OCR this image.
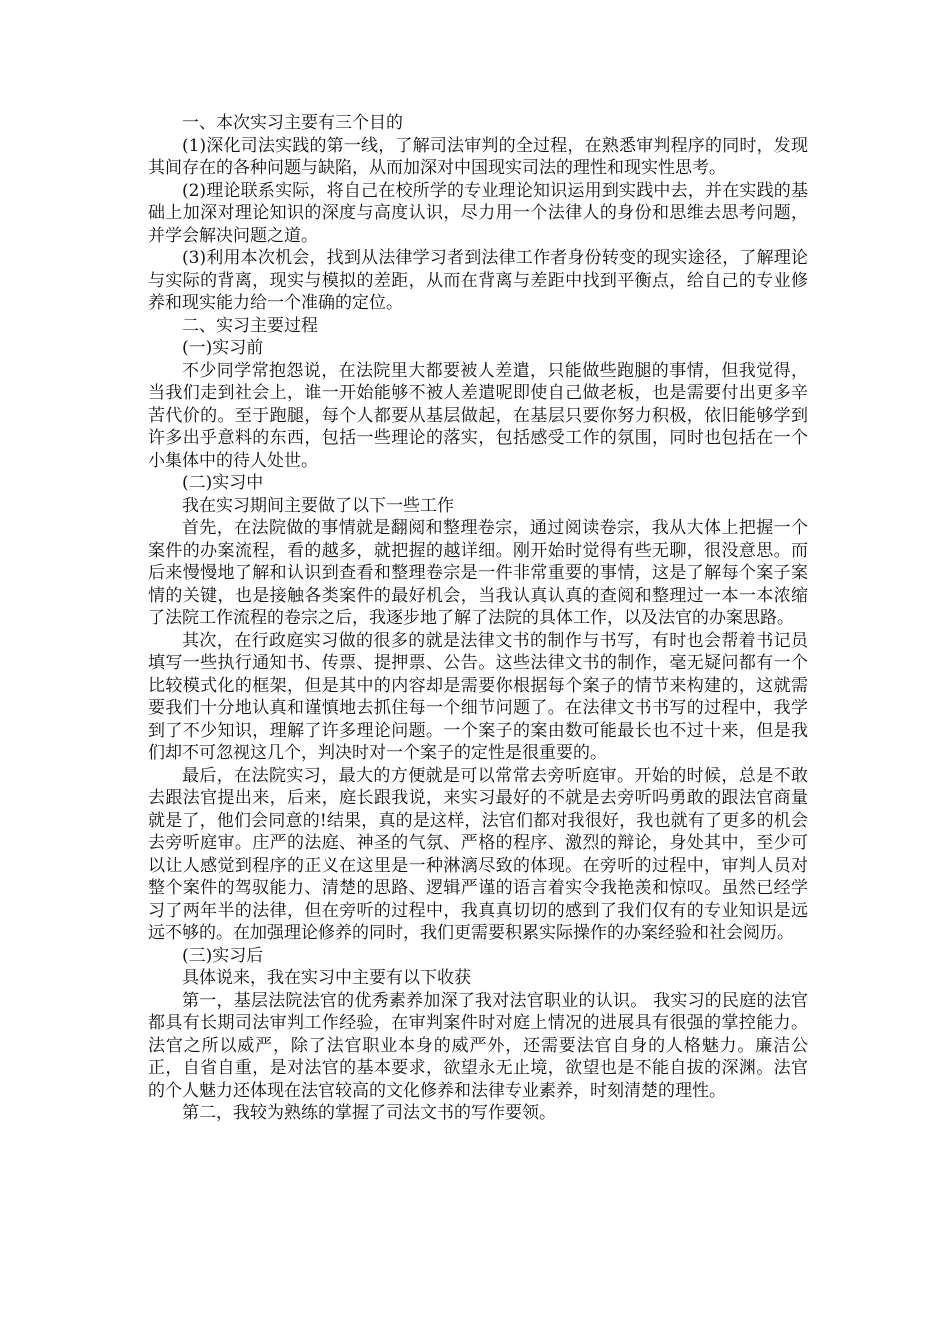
一、本次实习主要有三个目的

(1)深化司法实践的第一线，了解司法审判的全过程，在熟悉审判程序的同时，发现其间存在的各种问题与缺陷，从而加深对中国现实司法的理性和现实性思考。

(2)理论联系实际，将自己在校所学的专业理论知识运用到实践中去，并在实践的基础上加深对理论知识的深度与高度认识，尽力用一个法律人的身份和思维去思考问题，并学会解决问题之道。

(3)利用本次机会，找到从法律学习者到法律工作者身份转变的现实途径，了解理论与实际的背离，现实与模拟的差距，从而在背离与差距中找到平衡点，给自己的专业修养和现实能力给一个准确的定位。

二、实习主要过程

(一)实习前

不少同学常抱怨说，在法院里大都要被人差遣，只能做些跑腿的事情，但我觉得，当我们走到社会上，谁一开始能够不被人差遣呢即使自己做老板，也是需要付出更多辛苦代价的。至于跑腿，每个人都要从基层做起，在基层只要你努力积极，依旧能够学到许多出乎意料的东西，包括一些理论的落实，包括感受工作的氛围，同时也包括在一个小集体中的待人处世。

(二)实习中

我在实习期间主要做了以下一些工作

首先，在法院做的事情就是翻阅和整理卷宗，通过阅读卷宗，我从大体上把握一个案件的办案流程，看的越多，就把握的越详细。刚开始时觉得有些无聊，很没意思。而后来慢慢地了解和认识到查看和整理卷宗是一件非常重要的事情，这是了解每个案子案情的关键，也是接触各类案件的最好机会，当我认真认真的查阅和整理过一本一本浓缩了法院工作流程的卷宗之后，我逐步地了解了法院的具体工作，以及法官的办案思路。

其次，在行政庭实习做的很多的就是法律文书的制作与书写，有时也会帮着书记员填写一些执行通知书、传票、提押票、公告。这些法律文书的制作，毫无疑问都有一个比较模式化的框架，但是其中的内容却是需要你根据每个案子的情节来构建的，这就需要我们十分地认真和谨慎地去抓住每一个细节问题了。在法律文书书写的过程中，我学到了不少知识，理解了许多理论问题。一个案子的案由数可能最长也不过十来，但是我们却不可忽视这几个，判决时对一个案子的定性是很重要的。

最后，在法院实习，最大的方便就是可以常常去旁听庭审。开始的时候，总是不敢去跟法官提出来，后来，庭长跟我说，来实习最好的不就是去旁听吗勇敢的跟法官商量就是了，他们会同意的!结果，真的是这样，法官们都对我很好，我也就有了更多的机会去旁听庭审。庄严的法庭、神圣的气氛、严格的程序、激烈的辩论，身处其中，至少可以让人感觉到程序的正义在这里是一种淋漓尽致的体现。在旁听的过程中，审判人员对整个案件的驾驭能力、清楚的思路、逻辑严谨的语言着实令我艳羡和惊叹。虽然已经学习了两年半的法律，但在旁听的过程中，我真真切切的感到了我们仅有的专业知识是远远不够的。在加强理论修养的同时，我们更需要积累实际操作的办案经验和社会阅历。

(三)实习后

具体说来，我在实习中主要有以下收获

第一，基层法院法官的优秀素养加深了我对法官职业的认识。 我实习的民庭的法官都具有长期司法审判工作经验，在审判案件时对庭上情况的进展具有很强的掌控能力。法官之所以威严，除了法官职业本身的威严外，还需要法官自身的人格魅力。廉洁公正，自省自重，是对法官的基本要求，欲望永无止境，欲望也是不能自拔的深渊。法官的个人魅力还体现在法官较高的文化修养和法律专业素养，时刻清楚的理性。

第二，我较为熟练的掌握了司法文书的写作要领。
